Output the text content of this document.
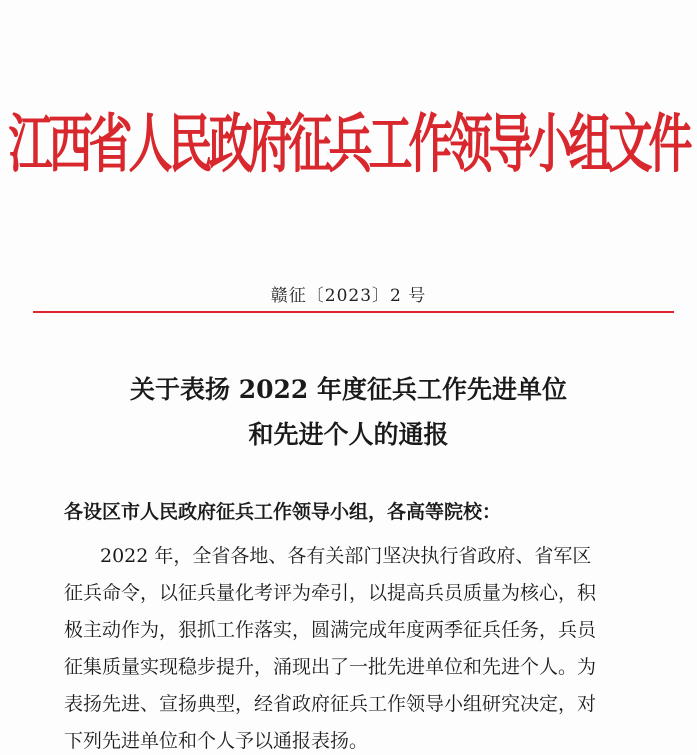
江西省人民政府征兵工作领导小组文件
赣征〔2023〕2 号
关于表扬 2022 年度征兵工作先进单位
和先进个人的通报
各设区市人民政府征兵工作领导小组，各高等院校：
2022 年，全省各地、各有关部门坚决执行省政府、省军区
征兵命令，以征兵量化考评为牵引，以提高兵员质量为核心，积
极主动作为，狠抓工作落实，圆满完成年度两季征兵任务，兵员
征集质量实现稳步提升，涌现出了一批先进单位和先进个人。为
表扬先进、宣扬典型，经省政府征兵工作领导小组研究决定，对
下列先进单位和个人予以通报表扬。
